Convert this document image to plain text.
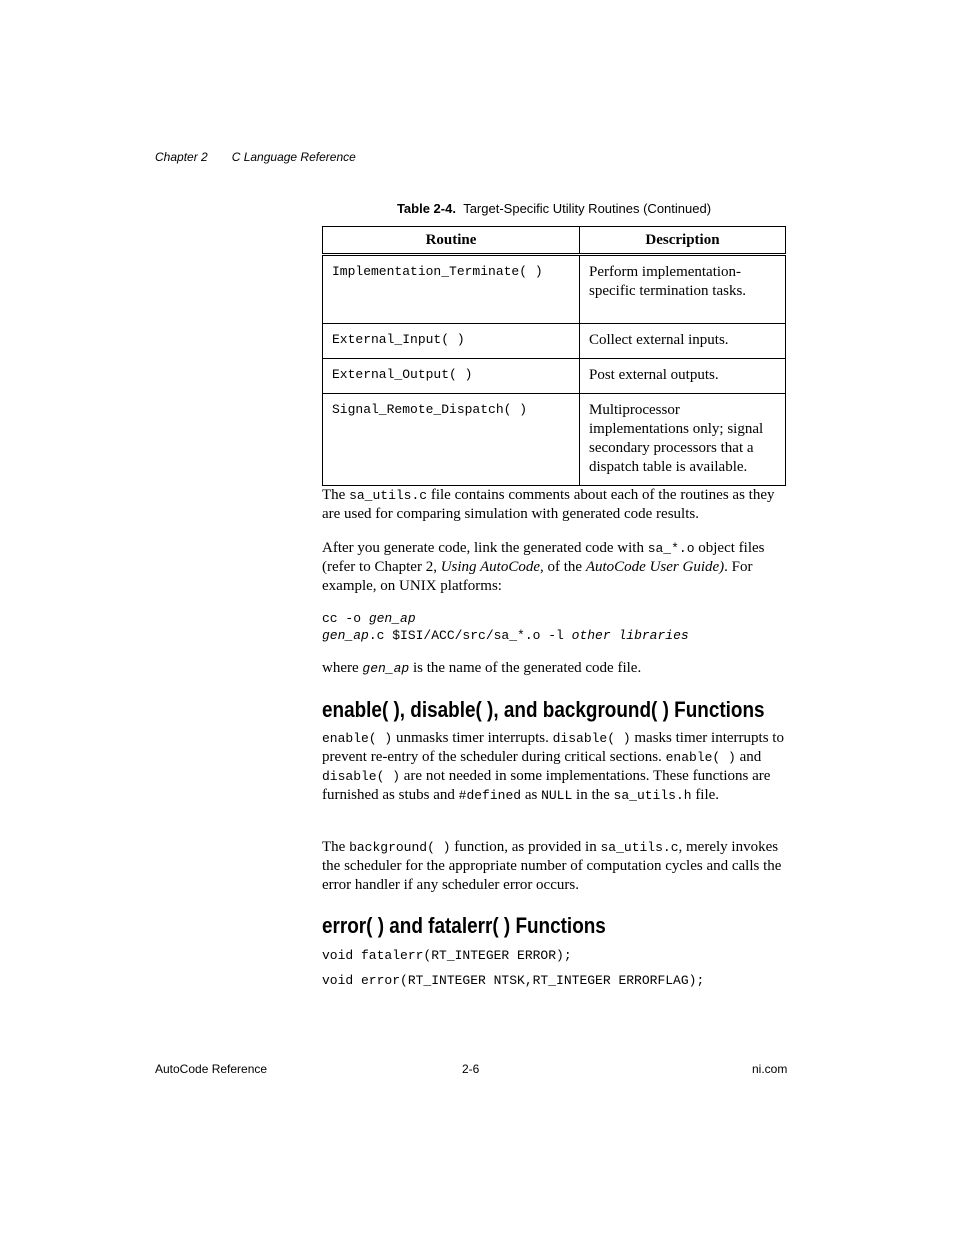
Chapter 2 C Language Reference
Table 2-4. Target-Specific Utility Routines (Continued)
Routine	Description
Implementation_Terminate( )	Perform implementation-specific termination tasks.
External_Input( )	Collect external inputs.
External_Output( )	Post external outputs.
Signal_Remote_Dispatch( )	Multiprocessor implementations only; signal secondary processors that a dispatch table is available.
The sa_utils.c file contains comments about each of the routines as they are used for comparing simulation with generated code results.
After you generate code, link the generated code with sa_*.o object files (refer to Chapter 2, Using AutoCode, of the AutoCode User Guide). For example, on UNIX platforms:
cc -o gen_ap
gen_ap.c $ISI/ACC/src/sa_*.o -l other libraries
where gen_ap is the name of the generated code file.
enable( ), disable( ), and background( ) Functions
enable( ) unmasks timer interrupts. disable( ) masks timer interrupts to prevent re-entry of the scheduler during critical sections. enable( ) and disable( ) are not needed in some implementations. These functions are furnished as stubs and #defined as NULL in the sa_utils.h file.
The background( ) function, as provided in sa_utils.c, merely invokes the scheduler for the appropriate number of computation cycles and calls the error handler if any scheduler error occurs.
error( ) and fatalerr( ) Functions
void fatalerr(RT_INTEGER ERROR);
void error(RT_INTEGER NTSK,RT_INTEGER ERRORFLAG);
AutoCode Reference	2-6	ni.com
